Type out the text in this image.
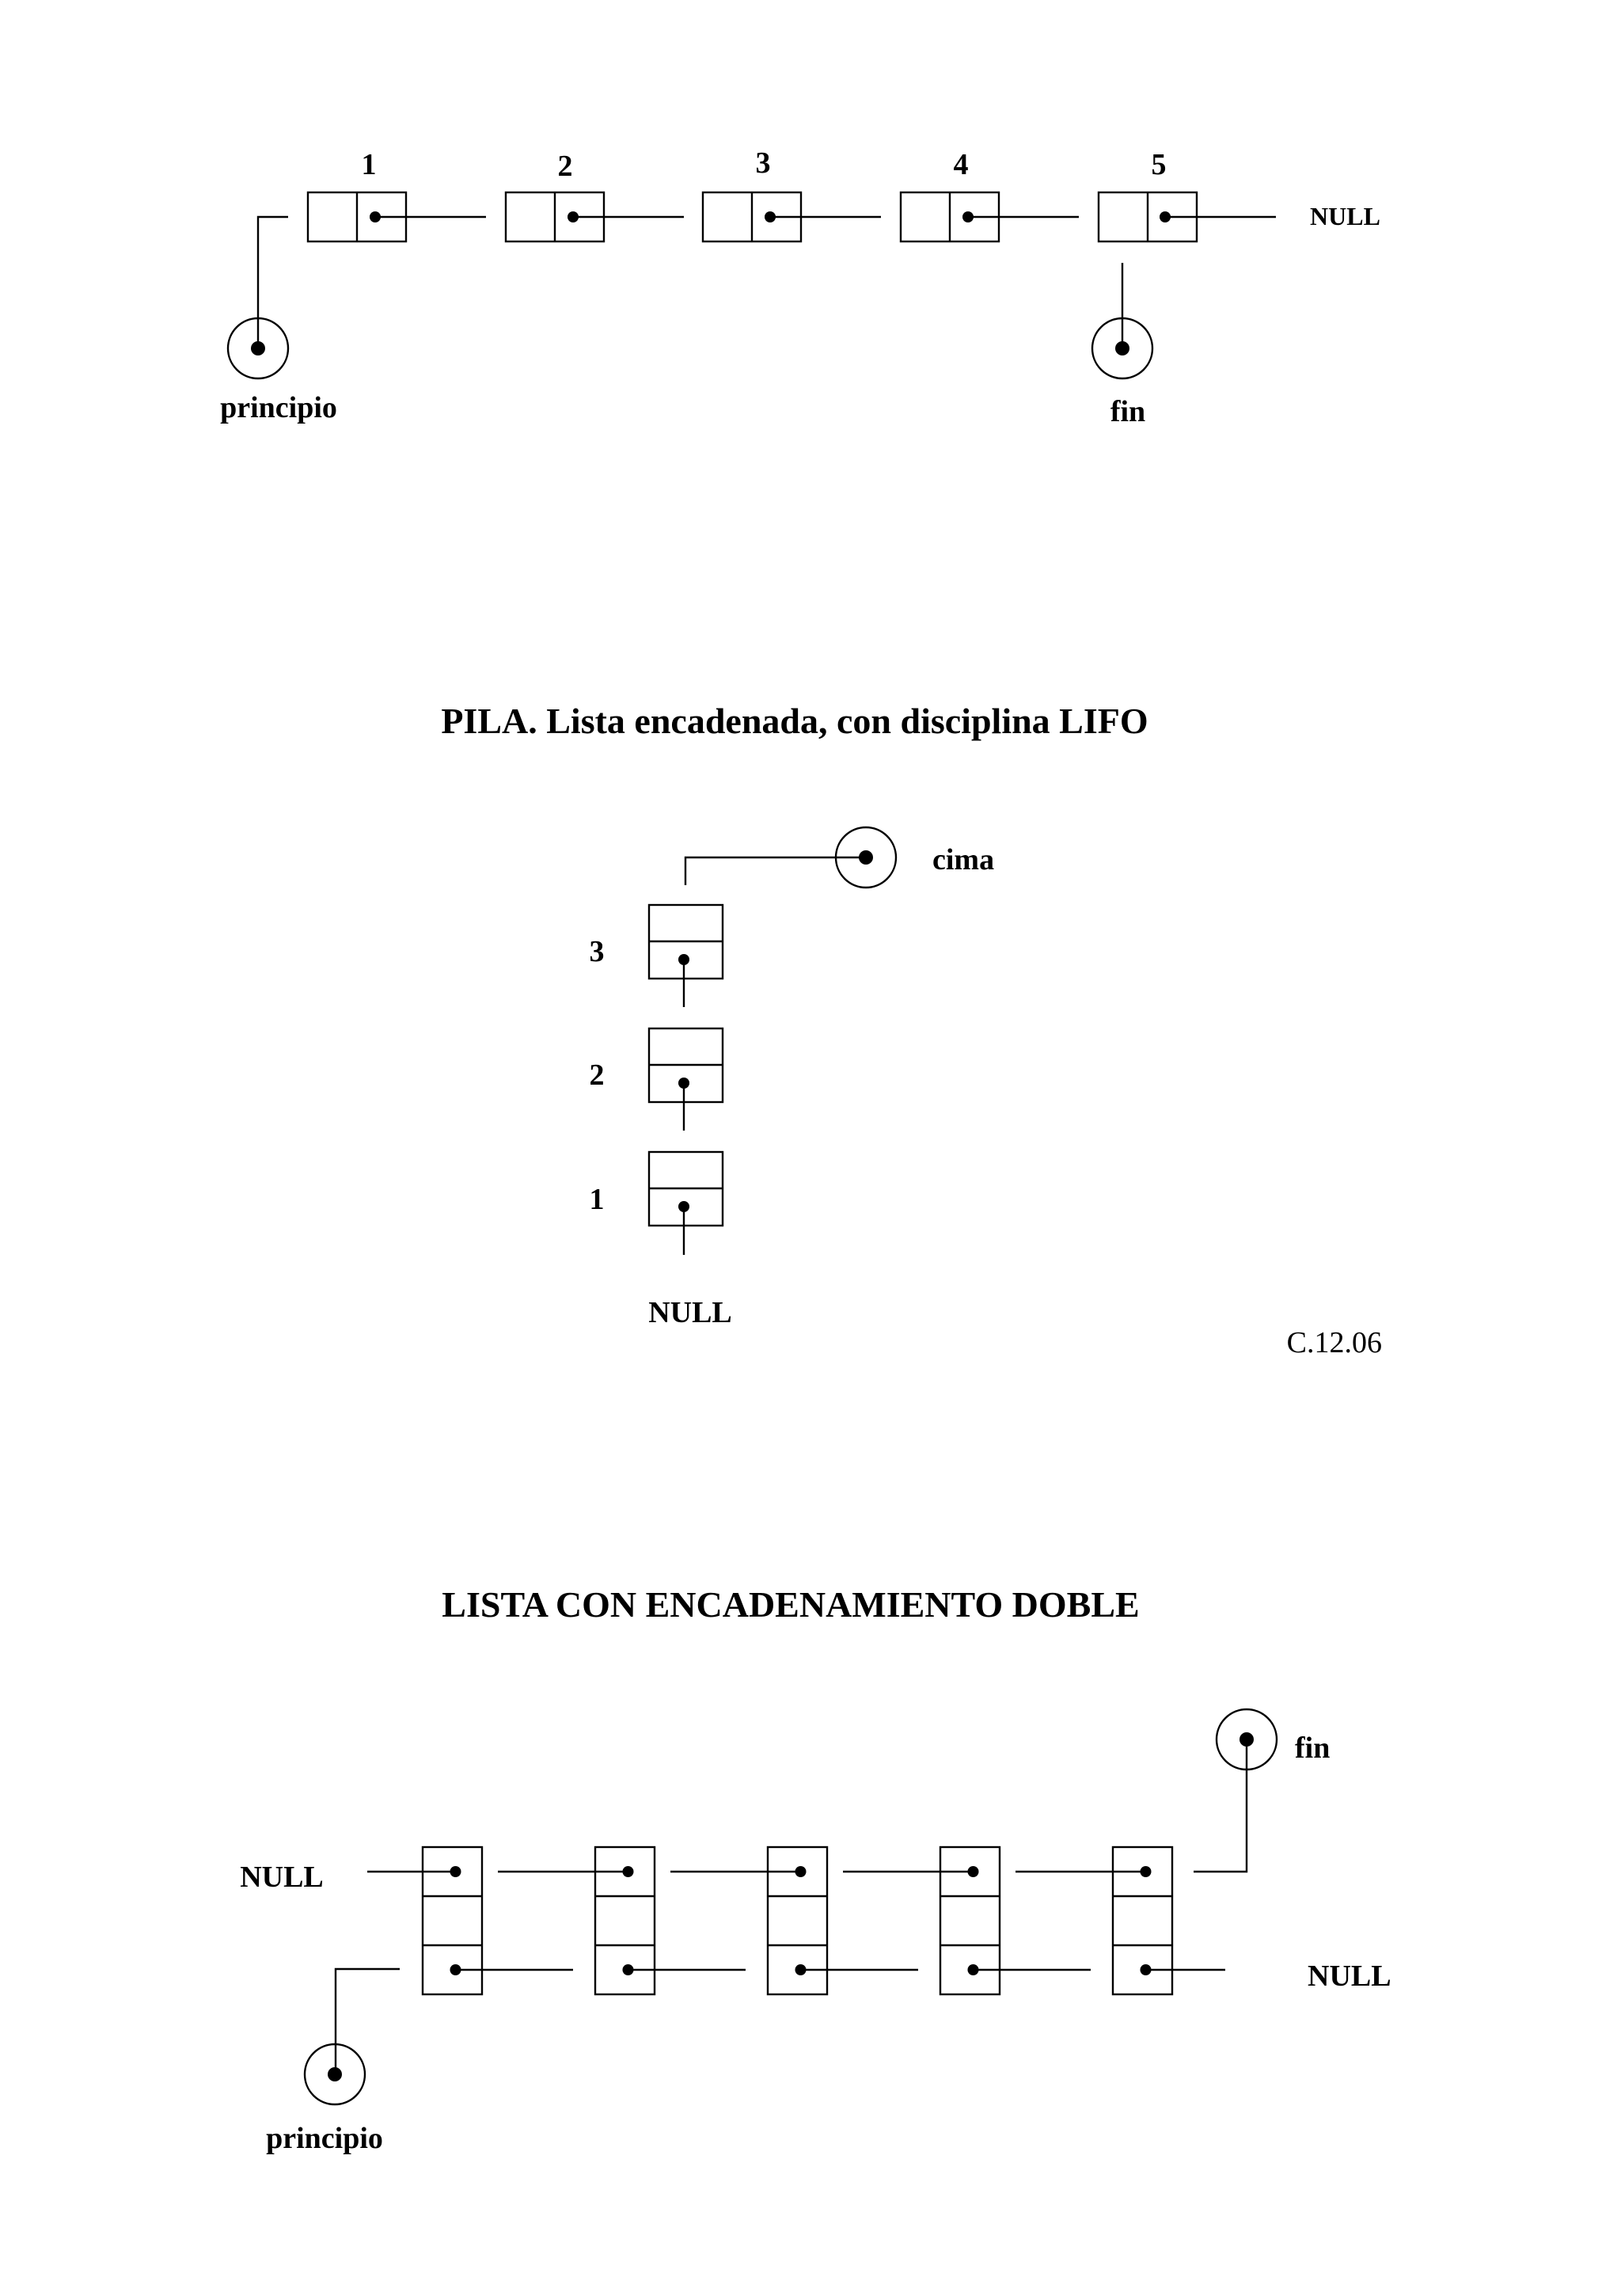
1	2	3	4	5
NULL
principio	fin
PILA. Lista encadenada, con disciplina LIFO
cima
3
2
1
NULL
C.12.06
LISTA CON ENCADENAMIENTO DOBLE
fin
NULL
NULL
principio
